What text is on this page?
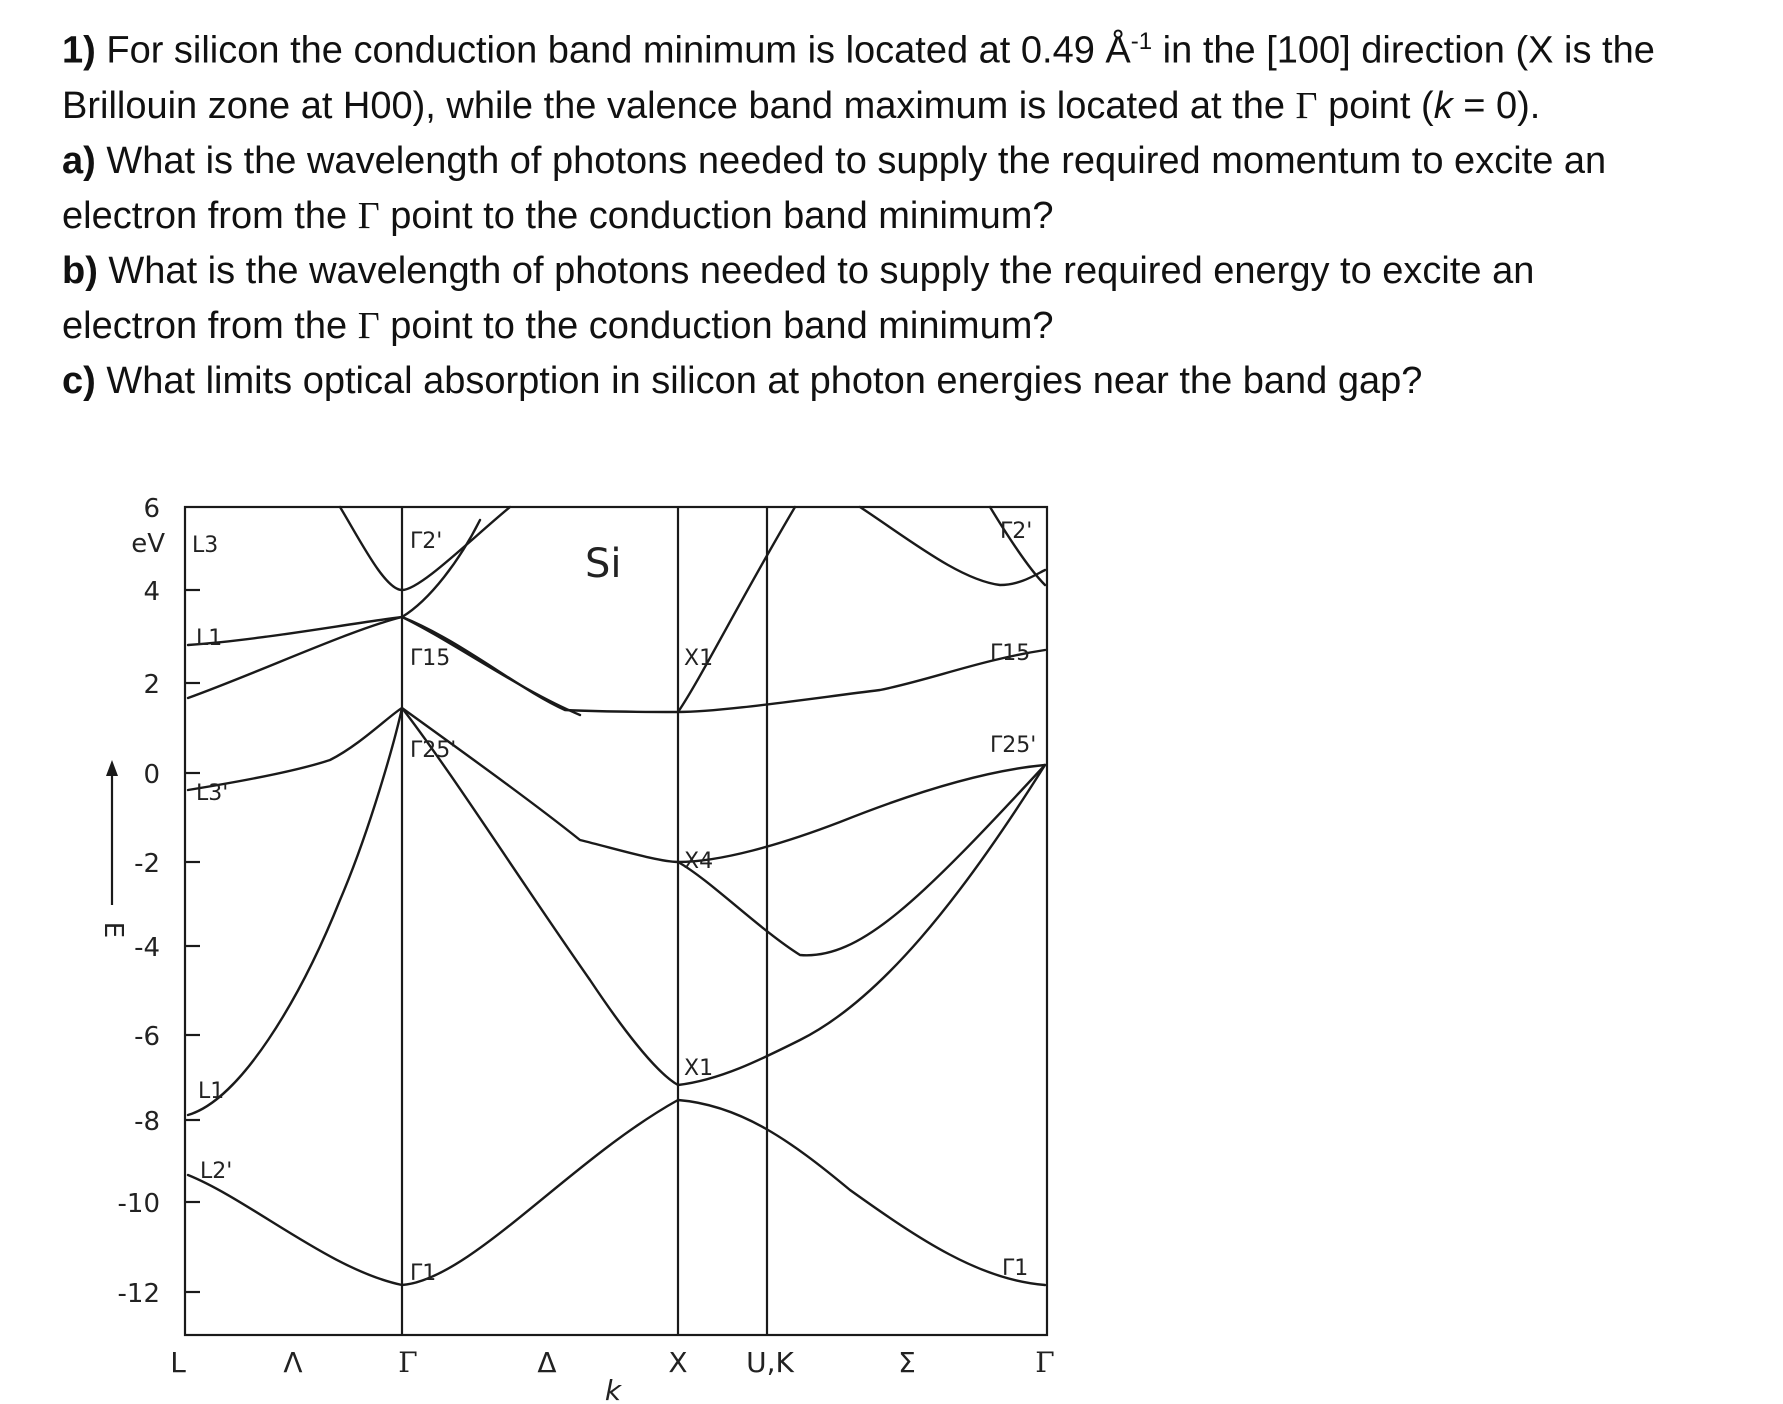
1) For silicon the conduction band minimum is located at 0.49 $Å^{-1}$ in the [100] direction (X is the

Brillouin zone at H00), while the valence band maximum is located at the Γ point (k = 0).

a) What is the wavelength of photons needed to supply the required momentum to excite an

electron from the Γ point to the conduction band minimum?

b) What is the wavelength of photons needed to supply the required energy to excite an

electron from the Γ point to the conduction band minimum?

c) What limits optical absorption in silicon at photon energies near the band gap?

6
eV
4
2
0
-2
-4
-6
-8
-10
-12
E
Si
L	Λ	Γ	Δ	X U,K	Σ	Γ
k
L3
L1
L3'
L1
L2'
Γ2'
Γ15
Γ25'
Γ1
X1
X4
X1
Γ2'
Γ15
Γ25'
Γ1
